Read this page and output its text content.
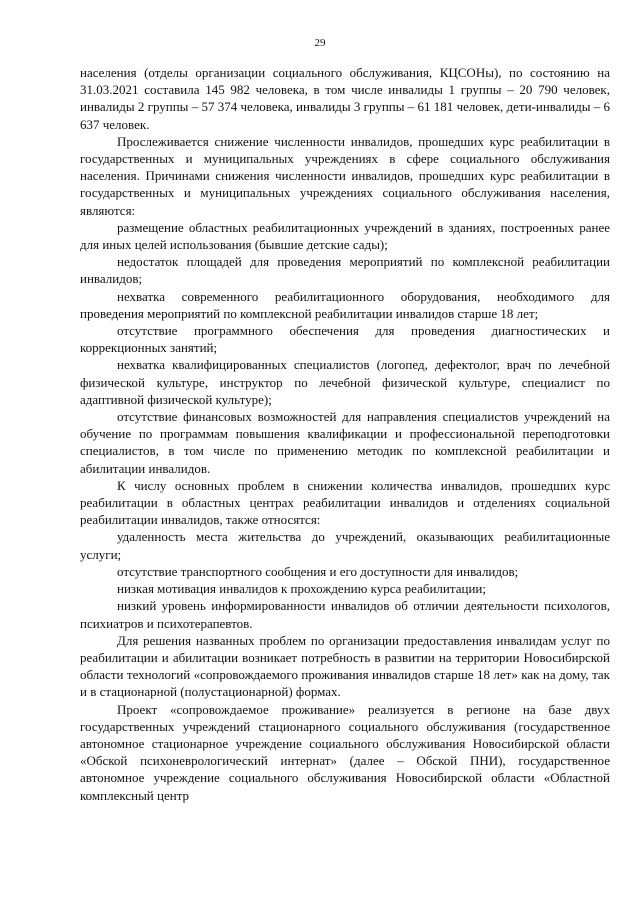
29

населения (отделы организации социального обслуживания, КЦСОНы), по состоянию на 31.03.2021 составила 145 982 человека, в том числе инвалиды 1 группы – 20 790 человек, инвалиды 2 группы – 57 374 человека, инвалиды 3 группы – 61 181 человек, дети-инвалиды – 6 637 человек.

Прослеживается снижение численности инвалидов, прошедших курс реабилитации в государственных и муниципальных учреждениях в сфере социального обслуживания населения. Причинами снижения численности инвалидов, прошедших курс реабилитации в государственных и муниципальных учреждениях социального обслуживания населения, являются:

размещение областных реабилитационных учреждений в зданиях, построенных ранее для иных целей использования (бывшие детские сады);

недостаток площадей для проведения мероприятий по комплексной реабилитации инвалидов;

нехватка современного реабилитационного оборудования, необходимого для проведения мероприятий по комплексной реабилитации инвалидов старше 18 лет;

отсутствие программного обеспечения для проведения диагностических и коррекционных занятий;

нехватка квалифицированных специалистов (логопед, дефектолог, врач по лечебной физической культуре, инструктор по лечебной физической культуре, специалист по адаптивной физической культуре);

отсутствие финансовых возможностей для направления специалистов учреждений на обучение по программам повышения квалификации и профессиональной переподготовки специалистов, в том числе по применению методик по комплексной реабилитации и абилитации инвалидов.

К числу основных проблем в снижении количества инвалидов, прошедших курс реабилитации в областных центрах реабилитации инвалидов и отделениях социальной реабилитации инвалидов, также относятся:

удаленность места жительства до учреждений, оказывающих реабилитационные услуги;

отсутствие транспортного сообщения и его доступности для инвалидов;

низкая мотивация инвалидов к прохождению курса реабилитации;

низкий уровень информированности инвалидов об отличии деятельности психологов, психиатров и психотерапевтов.

Для решения названных проблем по организации предоставления инвалидам услуг по реабилитации и абилитации возникает потребность в развитии на территории Новосибирской области технологий «сопровождаемого проживания инвалидов старше 18 лет» как на дому, так и в стационарной (полустационарной) формах.

Проект «сопровождаемое проживание» реализуется в регионе на базе двух государственных учреждений стационарного социального обслуживания (государственное автономное стационарное учреждение социального обслуживания Новосибирской области «Обской психоневрологический интернат» (далее – Обской ПНИ), государственное автономное учреждение социального обслуживания Новосибирской области «Областной комплексный центр
